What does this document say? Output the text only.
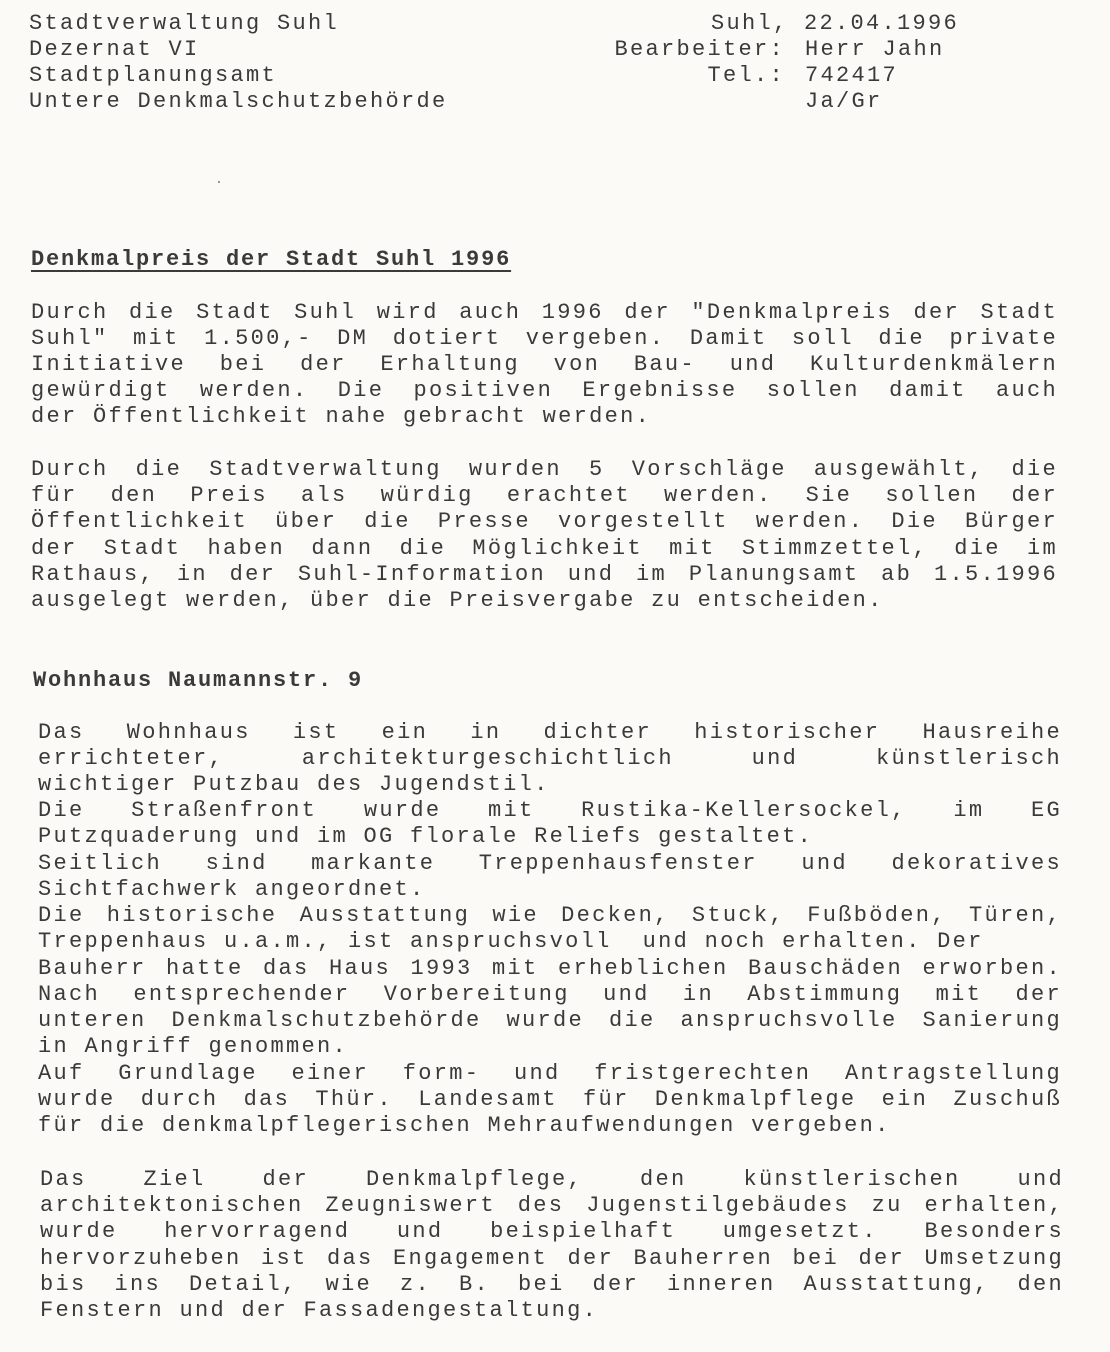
Stadtverwaltung Suhl
Dezernat VI
Stadtplanungsamt
Untere Denkmalschutzbehörde
Suhl, 22.04.1996
Bearbeiter: Herr Jahn
Tel.: 742417
Ja/Gr
Denkmalpreis der Stadt Suhl 1996
Durch die Stadt Suhl wird auch 1996 der "Denkmalpreis der Stadt
Suhl" mit 1.500,- DM dotiert vergeben. Damit soll die private
Initiative bei der Erhaltung von Bau- und Kulturdenkmälern
gewürdigt werden. Die positiven Ergebnisse sollen damit auch
der Öffentlichkeit nahe gebracht werden.
Durch die Stadtverwaltung wurden 5 Vorschläge ausgewählt, die
für den Preis als würdig erachtet werden. Sie sollen der
Öffentlichkeit über die Presse vorgestellt werden. Die Bürger
der Stadt haben dann die Möglichkeit mit Stimmzettel, die im
Rathaus, in der Suhl-Information und im Planungsamt ab 1.5.1996
ausgelegt werden, über die Preisvergabe zu entscheiden.
Wohnhaus Naumannstr. 9
Das Wohnhaus ist ein in dichter historischer Hausreihe
errichteter, architekturgeschichtlich und künstlerisch
wichtiger Putzbau des Jugendstil.
Die Straßenfront wurde mit Rustika-Kellersockel, im EG
Putzquaderung und im OG florale Reliefs gestaltet.
Seitlich sind markante Treppenhausfenster und dekoratives
Sichtfachwerk angeordnet.
Die historische Ausstattung wie Decken, Stuck, Fußböden, Türen,
Treppenhaus u.a.m., ist anspruchsvoll  und noch erhalten. Der
Bauherr hatte das Haus 1993 mit erheblichen Bauschäden erworben.
Nach entsprechender Vorbereitung und in Abstimmung mit der
unteren Denkmalschutzbehörde wurde die anspruchsvolle Sanierung
in Angriff genommen.
Auf Grundlage einer form- und fristgerechten Antragstellung
wurde durch das Thür. Landesamt für Denkmalpflege ein Zuschuß
für die denkmalpflegerischen Mehraufwendungen vergeben.
Das Ziel der Denkmalpflege, den künstlerischen und
architektonischen Zeugniswert des Jugenstilgebäudes zu erhalten,
wurde hervorragend und beispielhaft umgesetzt. Besonders
hervorzuheben ist das Engagement der Bauherren bei der Umsetzung
bis ins Detail, wie z. B. bei der inneren Ausstattung, den
Fenstern und der Fassadengestaltung.
